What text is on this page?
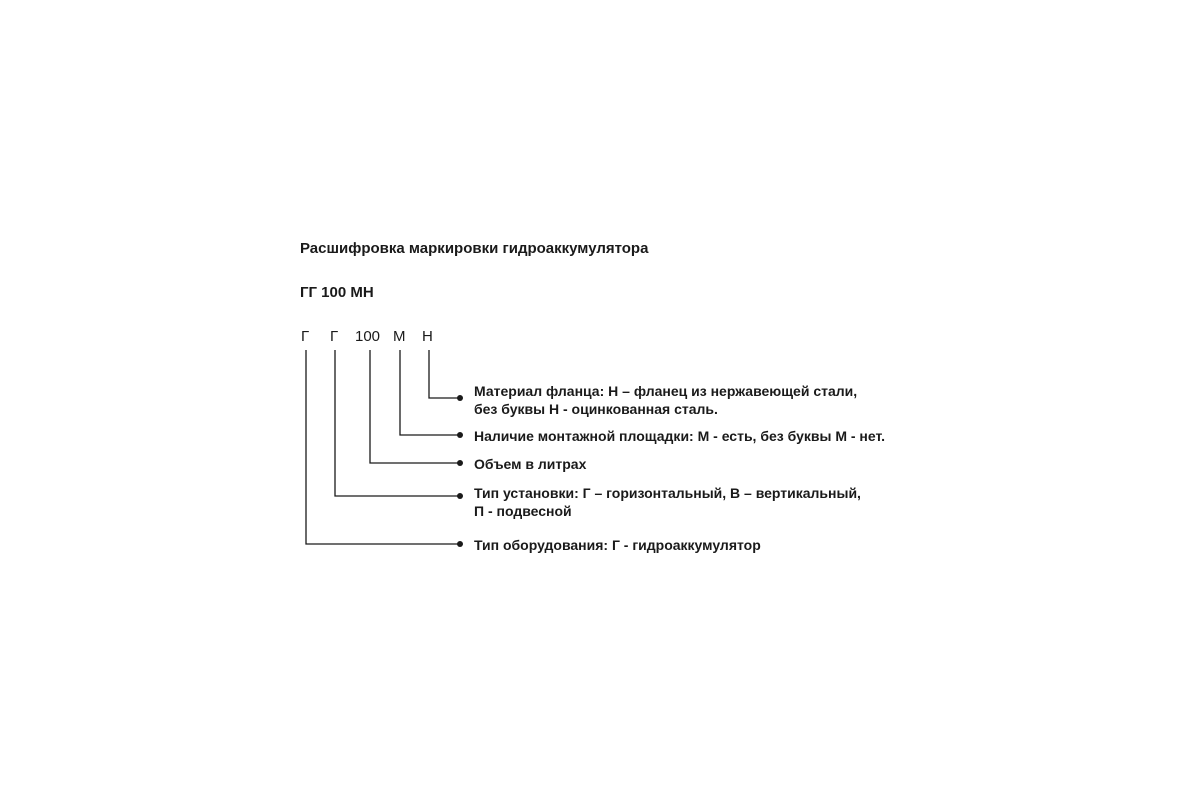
Расшифровка маркировки гидроаккумулятора
ГГ 100 МН
Г Г 100 М Н
Материал фланца: Н – фланец из нержавеющей стали,
без буквы Н - оцинкованная сталь.
Наличие монтажной площадки: М - есть, без буквы М - нет.
Объем в литрах
Тип установки: Г – горизонтальный, В – вертикальный,
П - подвесной
Тип оборудования: Г - гидроаккумулятор
